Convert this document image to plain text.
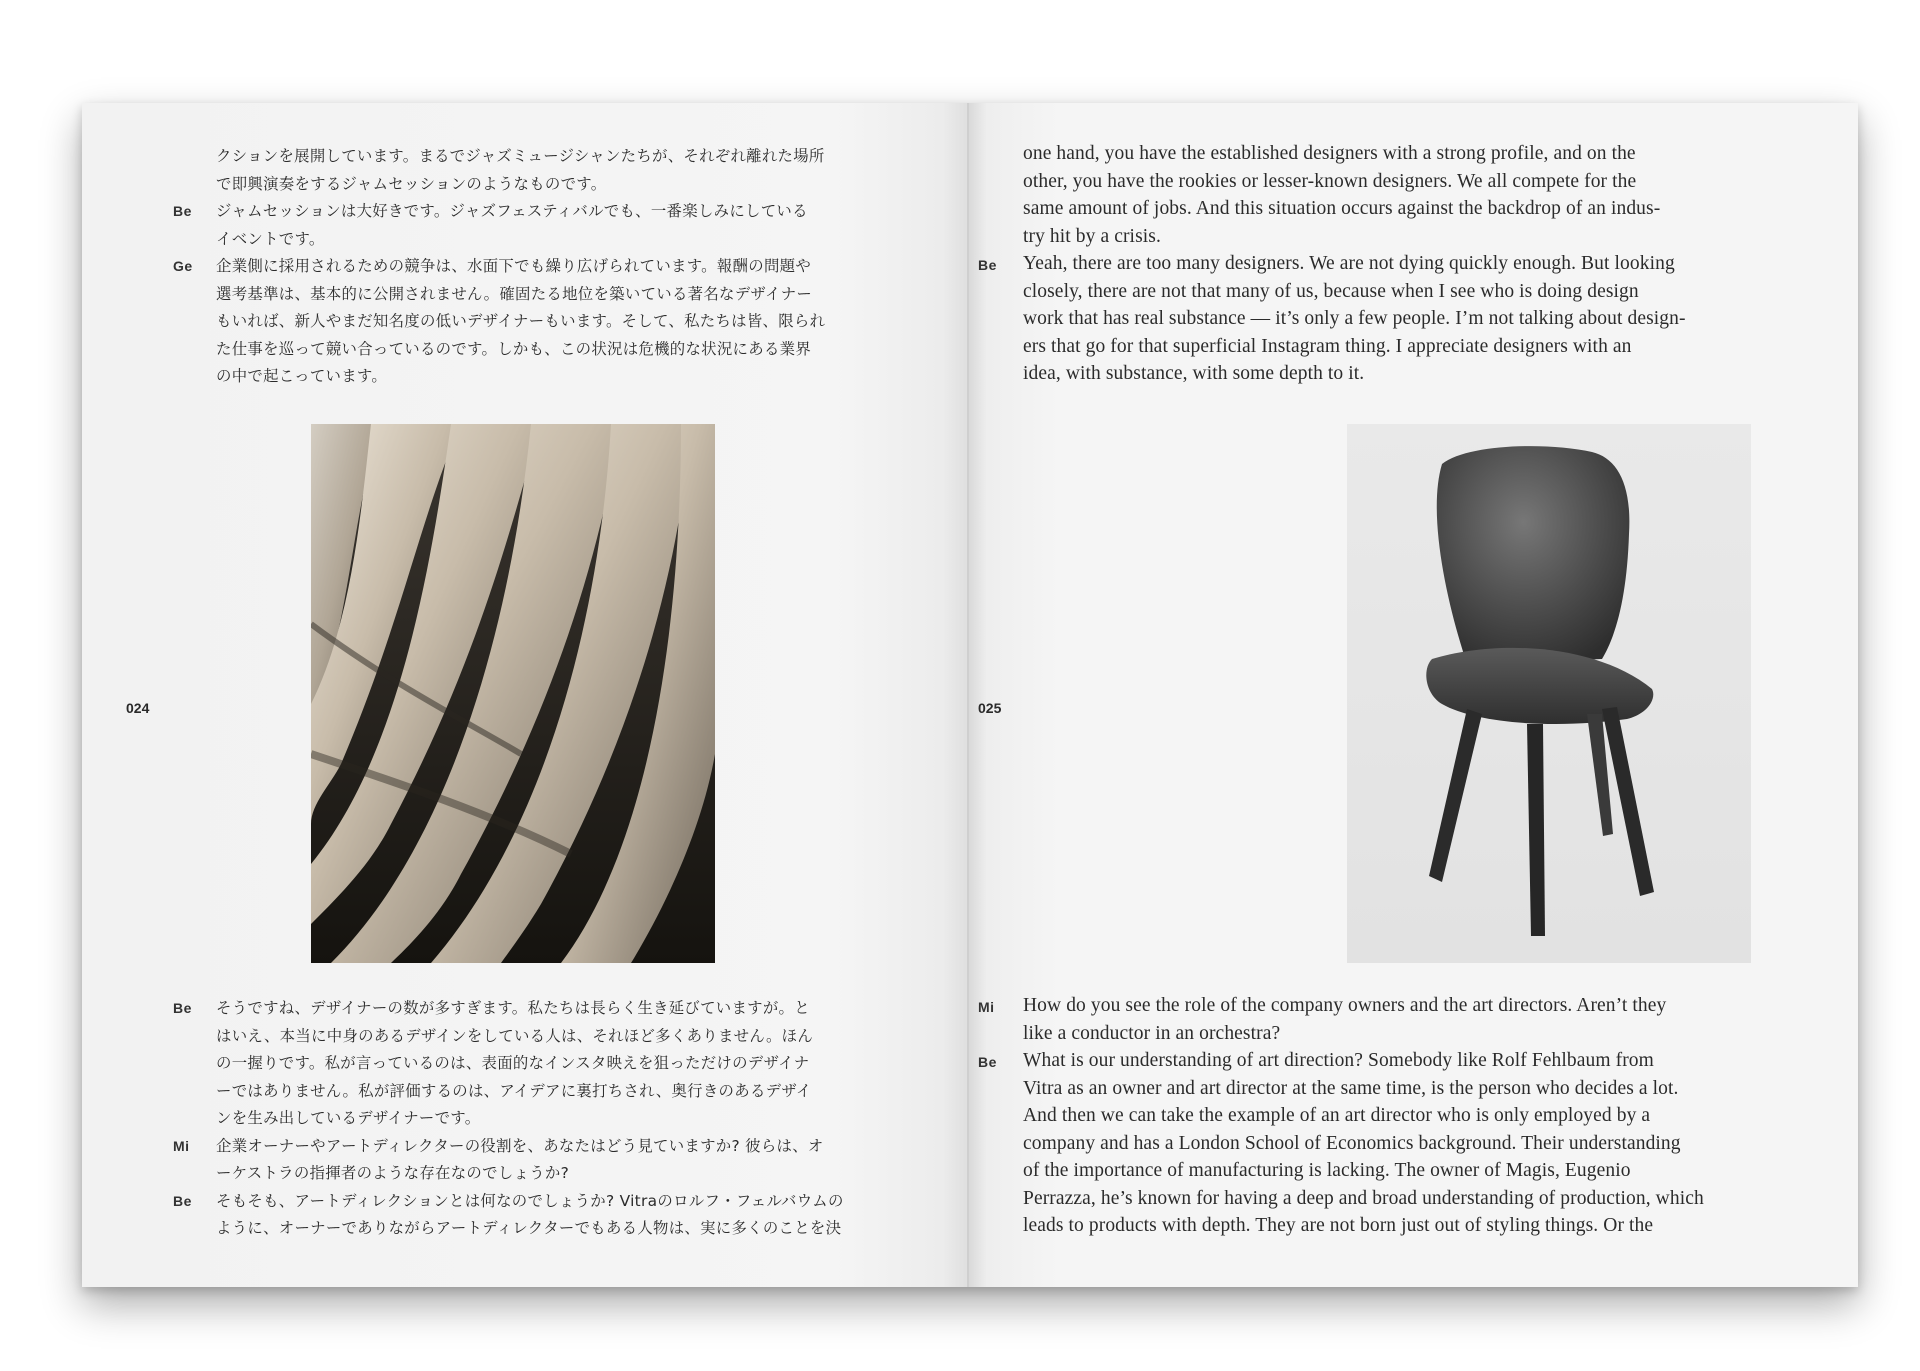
クションを展開しています。まるでジャズミュージシャンたちが、それぞれ離れた場所
で即興演奏をするジャムセッションのようなものです。
Be ジャムセッションは大好きです。ジャズフェスティバルでも、一番楽しみにしている
イベントです。
Ge 企業側に採用されるための競争は、水面下でも繰り広げられています。報酬の問題や
選考基準は、基本的に公開されません。確固たる地位を築いている著名なデザイナー
もいれば、新人やまだ知名度の低いデザイナーもいます。そして、私たちは皆、限られ
た仕事を巡って競い合っているのです。しかも、この状況は危機的な状況にある業界
の中で起こっています。
024
Be そうですね、デザイナーの数が多すぎます。私たちは長らく生き延びていますが。と
はいえ、本当に中身のあるデザインをしている人は、それほど多くありません。ほん
の一握りです。私が言っているのは、表面的なインスタ映えを狙っただけのデザイナ
ーではありません。私が評価するのは、アイデアに裏打ちされ、奥行きのあるデザイ
ンを生み出しているデザイナーです。
Mi 企業オーナーやアートディレクターの役割を、あなたはどう見ていますか? 彼らは、オ
ーケストラの指揮者のような存在なのでしょうか?
Be そもそも、アートディレクションとは何なのでしょうか? Vitraのロルフ・フェルバウムの
ように、オーナーでありながらアートディレクターでもある人物は、実に多くのことを決
one hand, you have the established designers with a strong profile, and on the
other, you have the rookies or lesser-known designers. We all compete for the
same amount of jobs. And this situation occurs against the backdrop of an indus-
try hit by a crisis.
Be Yeah, there are too many designers. We are not dying quickly enough. But looking
closely, there are not that many of us, because when I see who is doing design
work that has real substance — it’s only a few people. I’m not talking about design-
ers that go for that superficial Instagram thing. I appreciate designers with an
idea, with substance, with some depth to it.
025
Mi How do you see the role of the company owners and the art directors. Aren’t they
like a conductor in an orchestra?
Be What is our understanding of art direction? Somebody like Rolf Fehlbaum from
Vitra as an owner and art director at the same time, is the person who decides a lot.
And then we can take the example of an art director who is only employed by a
company and has a London School of Economics background. Their understanding
of the importance of manufacturing is lacking. The owner of Magis, Eugenio
Perrazza, he’s known for having a deep and broad understanding of production, which
leads to products with depth. They are not born just out of styling things. Or the
